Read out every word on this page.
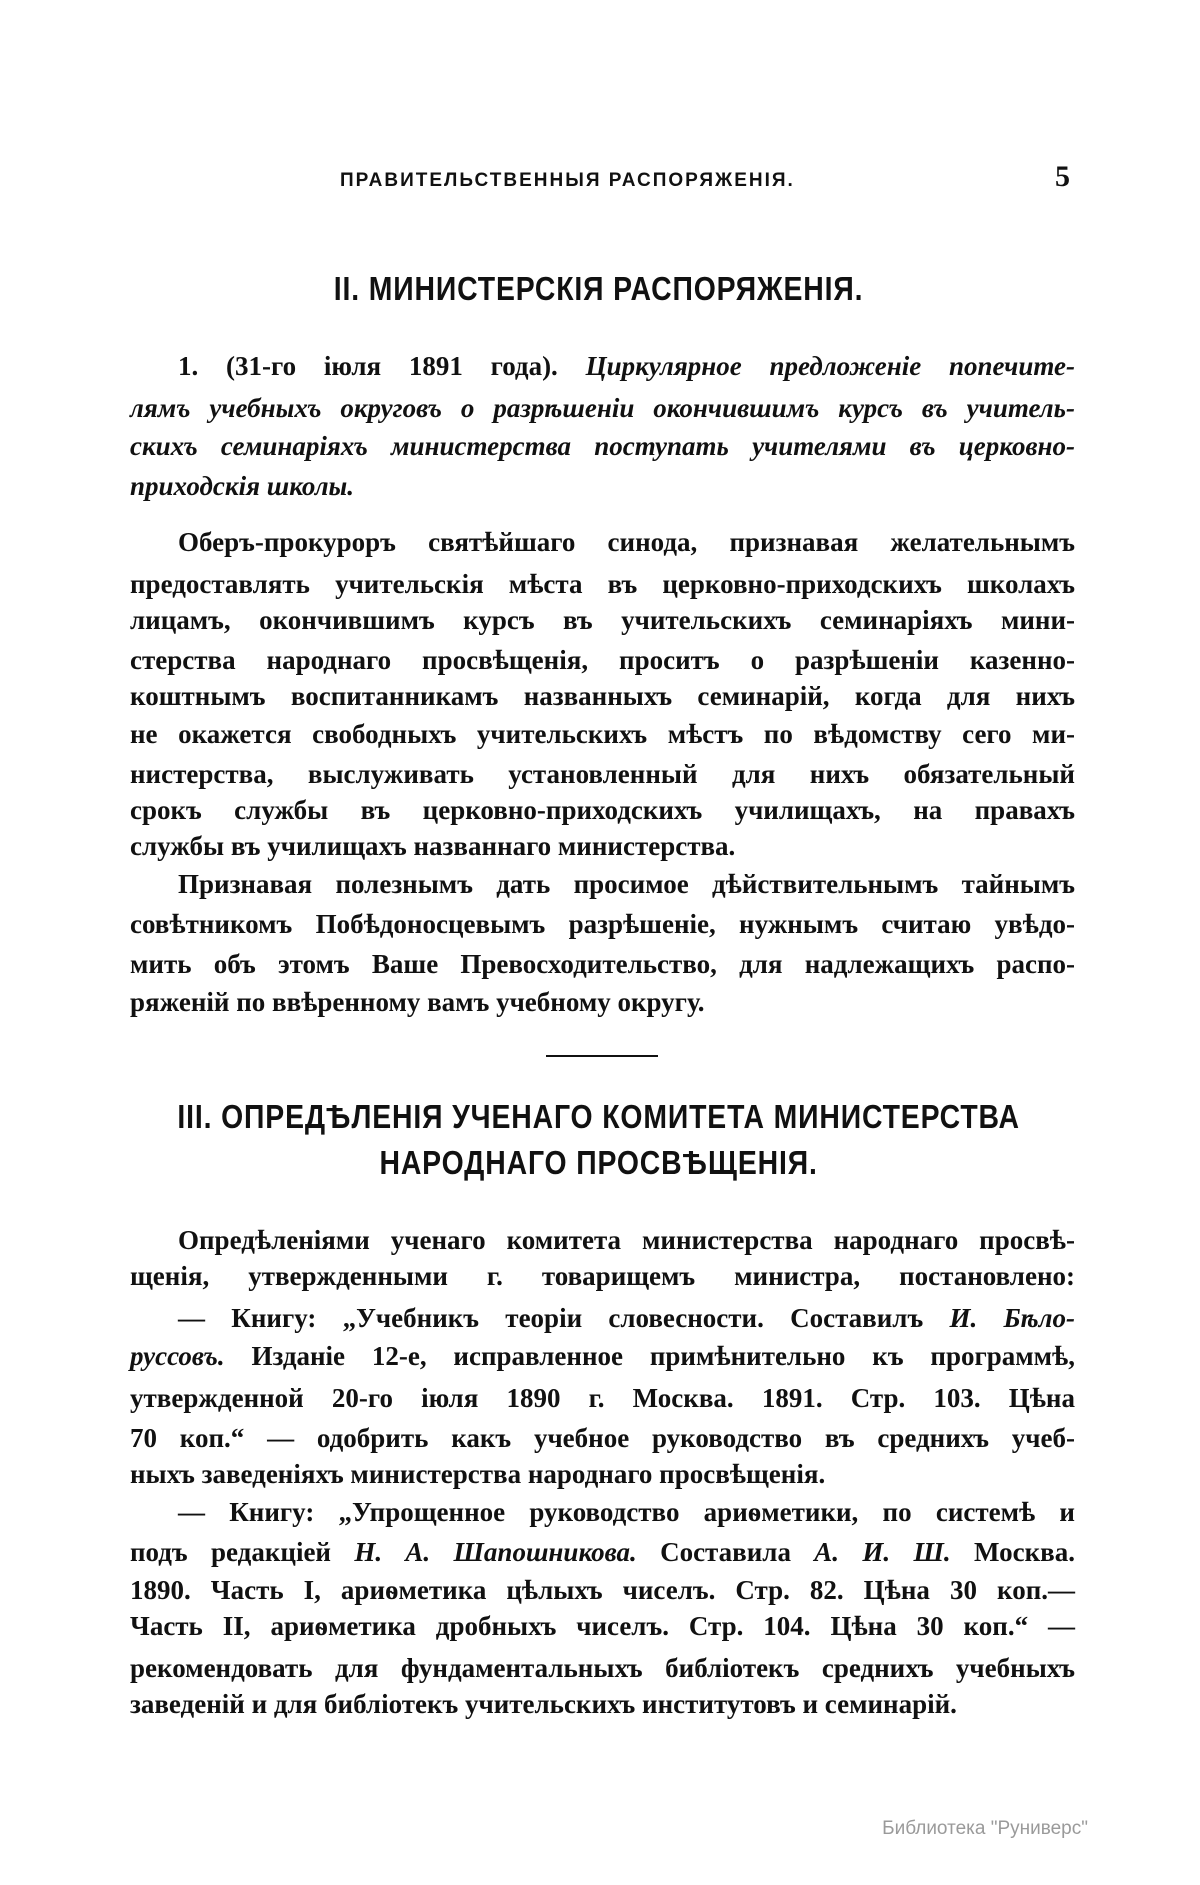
ПРАВИТЕЛЬСТВЕННЫЯ РАСПОРЯЖЕНІЯ.	5
II. МИНИСТЕРСКІЯ РАСПОРЯЖЕНІЯ.
III. ОПРЕДѢЛЕНІЯ УЧЕНАГО КОМИТЕТА МИНИСТЕРСТВА
НАРОДНАГО ПРОСВѢЩЕНІЯ.
1. (31-го іюля 1891 года). Циркулярное предложеніе попечите-
лямъ учебныхъ округовъ о разрѣшеніи окончившимъ курсъ въ учитель-
скихъ семинаріяхъ министерства поступать учителями въ церковно-
приходскія школы.
Оберъ-прокуроръ святѣйшаго синода, признавая желательнымъ
предоставлять учительскія мѣста въ церковно-приходскихъ школахъ
лицамъ, окончившимъ курсъ въ учительскихъ семинаріяхъ мини-
стерства народнаго просвѣщенія, проситъ о разрѣшеніи казенно-
коштнымъ воспитанникамъ названныхъ семинарій, когда для нихъ
не окажется свободныхъ учительскихъ мѣстъ по вѣдомству сего ми-
нистерства, выслуживать установленный для нихъ обязательный
срокъ службы въ церковно-приходскихъ училищахъ, на правахъ
службы въ училищахъ названнаго министерства.
Признавая полезнымъ дать просимое дѣйствительнымъ тайнымъ
совѣтникомъ Побѣдоносцевымъ разрѣшеніе, нужнымъ считаю увѣдо-
мить объ этомъ Ваше Превосходительство, для надлежащихъ распо-
ряженій по ввѣренному вамъ учебному округу.
Опредѣленіями ученаго комитета министерства народнаго просвѣ-
щенія, утвержденными г. товарищемъ министра, постановлено:
— Книгу: „Учебникъ теоріи словесности. Составилъ И. Бѣло-
руссовъ. Изданіе 12-е, исправленное примѣнительно къ программѣ,
утвержденной 20-го іюля 1890 г. Москва. 1891. Стр. 103. Цѣна
70 коп.“ — одобрить какъ учебное руководство въ среднихъ учеб-
ныхъ заведеніяхъ министерства народнаго просвѣщенія.
— Книгу: „Упрощенное руководство ариѳметики, по системѣ и
подъ редакціей Н. А. Шапошникова. Составила А. И. Ш. Москва.
1890. Часть I, ариѳметика цѣлыхъ чиселъ. Стр. 82. Цѣна 30 коп.—
Часть II, ариѳметика дробныхъ чиселъ. Стр. 104. Цѣна 30 коп.“ —
рекомендовать для фундаментальныхъ библіотекъ среднихъ учебныхъ
заведеній и для библіотекъ учительскихъ институтовъ и семинарій.
Библиотека "Руниверс"
